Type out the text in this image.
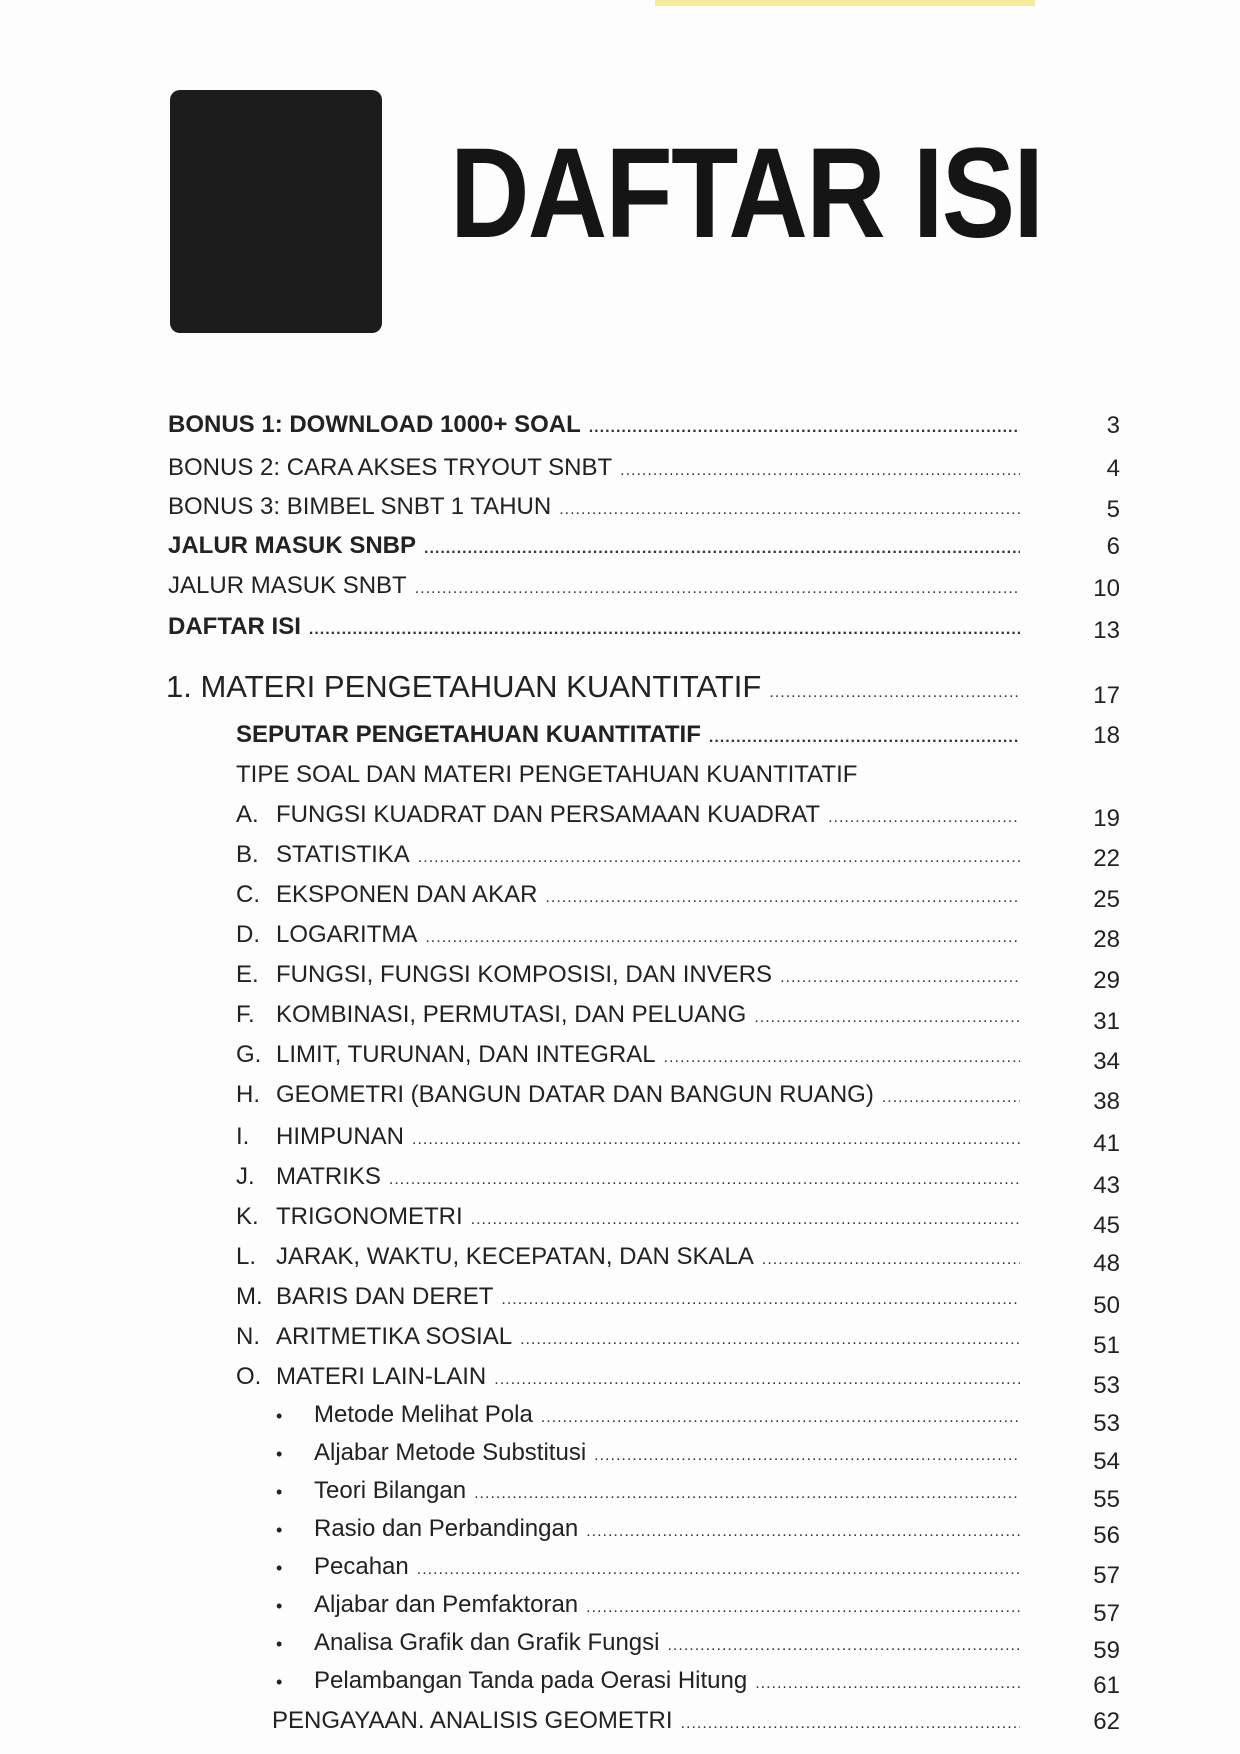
DAFTAR ISI
BONUS 1: DOWNLOAD 1000+ SOAL .....	3
BONUS 2: CARA AKSES TRYOUT SNBT .....	4
BONUS 3: BIMBEL SNBT 1 TAHUN .....	5
JALUR MASUK SNBP .....	6
JALUR MASUK SNBT .....	10
DAFTAR ISI .....	13
1. MATERI PENGETAHUAN KUANTITATIF .....	17
SEPUTAR PENGETAHUAN KUANTITATIF .....	18
TIPE SOAL DAN MATERI PENGETAHUAN KUANTITATIF
A. FUNGSI KUADRAT DAN PERSAMAAN KUADRAT .....	19
B. STATISTIKA .....	22
C. EKSPONEN DAN AKAR .....	25
D. LOGARITMA .....	28
E. FUNGSI, FUNGSI KOMPOSISI, DAN INVERS .....	29
F. KOMBINASI, PERMUTASI, DAN PELUANG .....	31
G. LIMIT, TURUNAN, DAN INTEGRAL .....	34
H. GEOMETRI (BANGUN DATAR DAN BANGUN RUANG) .....	38
I. HIMPUNAN .....	41
J. MATRIKS .....	43
K. TRIGONOMETRI .....	45
L. JARAK, WAKTU, KECEPATAN, DAN SKALA .....	48
M. BARIS DAN DERET .....	50
N. ARITMETIKA SOSIAL .....	51
O. MATERI LAIN-LAIN .....	53
• Metode Melihat Pola .....	53
• Aljabar Metode Substitusi .....	54
• Teori Bilangan .....	55
• Rasio dan Perbandingan .....	56
• Pecahan .....	57
• Aljabar dan Pemfaktoran .....	57
• Analisa Grafik dan Grafik Fungsi .....	59
• Pelambangan Tanda pada Oerasi Hitung .....	61
PENGAYAAN. ANALISIS GEOMETRI .....	62
